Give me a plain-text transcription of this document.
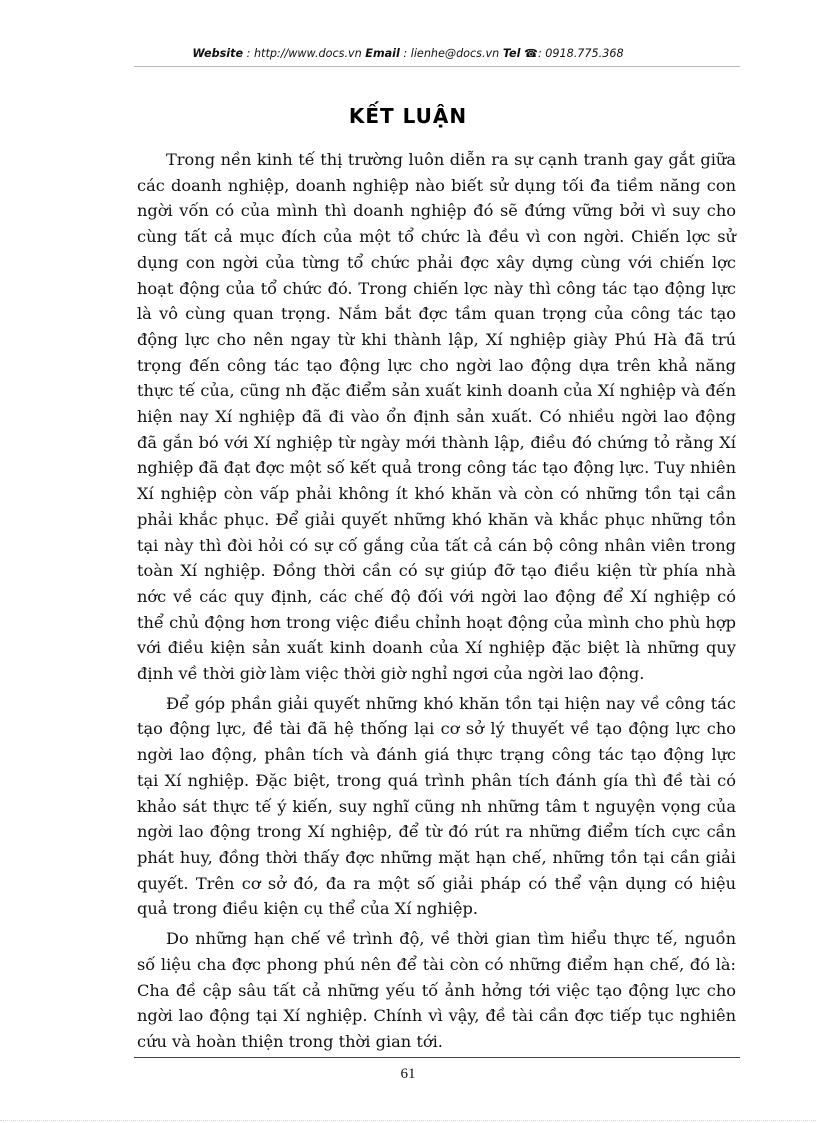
Website : http://www.docs.vn Email : lienhe@docs.vn Tel ☎: 0918.775.368
KẾT LUẬN

Trong nền kinh tế thị trường luôn diễn ra sự cạnh tranh gay gắt giữa các doanh nghiệp, doanh nghiệp nào biết sử dụng tối đa tiềm năng con ngời vốn có của mình thì doanh nghiệp đó sẽ đứng vững bởi vì suy cho cùng tất cả mục đích của một tổ chức là đều vì con ngời. Chiến lợc sử dụng con ngời của từng tổ chức phải đợc xây dựng cùng với chiến lợc hoạt động của tổ chức đó. Trong chiến lợc này thì công tác tạo động lực là vô cùng quan trọng. Nắm bắt đợc tầm quan trọng của công tác tạo động lực cho nên ngay từ khi thành lập, Xí nghiệp giày Phú Hà đã trú trọng đến công tác tạo động lực cho ngời lao động dựa trên khả năng thực tế của, cũng nh đặc điểm sản xuất kinh doanh của Xí nghiệp và đến hiện nay Xí nghiệp đã đi vào ổn định sản xuất. Có nhiều ngời lao động đã gắn bó với Xí nghiệp từ ngày mới thành lập, điều đó chứng tỏ rằng Xí nghiệp đã đạt đợc một số kết quả trong công tác tạo động lực. Tuy nhiên Xí nghiệp còn vấp phải không ít khó khăn và còn có những tồn tại cần phải khắc phục. Để giải quyết những khó khăn và khắc phục những tồn tại này thì đòi hỏi có sự cố gắng của tất cả cán bộ công nhân viên trong toàn Xí nghiệp. Đồng thời cần có sự giúp đỡ tạo điều kiện từ phía nhà nớc về các quy định, các chế độ đối với ngời lao động để Xí nghiệp có thể chủ động hơn trong việc điều chỉnh hoạt động của mình cho phù hợp với điều kiện sản xuất kinh doanh của Xí nghiệp đặc biệt là những quy định về thời giờ làm việc thời giờ nghỉ ngơi của ngời lao động.

Để góp phần giải quyết những khó khăn tồn tại hiện nay về công tác tạo động lực, đề tài đã hệ thống lại cơ sở lý thuyết về tạo động lực cho ngời lao động, phân tích và đánh giá thực trạng công tác tạo động lực tại Xí nghiệp. Đặc biệt, trong quá trình phân tích đánh gía thì đề tài có khảo sát thực tế ý kiến, suy nghĩ cũng nh những tâm t nguyện vọng của ngời lao động trong Xí nghiệp, để từ đó rút ra những điểm tích cực cần phát huy, đồng thời thấy đợc những mặt hạn chế, những tồn tại cần giải quyết. Trên cơ sở đó, đa ra một số giải pháp có thể vận dụng có hiệu quả trong điều kiện cụ thể của Xí nghiệp.

Do những hạn chế về trình độ, về thời gian tìm hiểu thực tế, nguồn số liệu cha đợc phong phú nên để tài còn có những điểm hạn chế, đó là: Cha đề cập sâu tất cả những yếu tố ảnh hởng tới việc tạo động lực cho ngời lao động tại Xí nghiệp. Chính vì vậy, đề tài cần đợc tiếp tục nghiên cứu và hoàn thiện trong thời gian tới.

61
